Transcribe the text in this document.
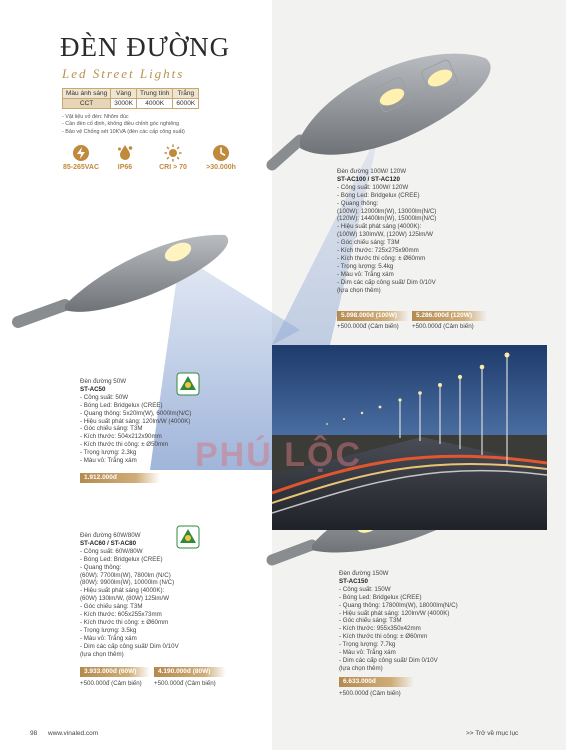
PHÚ LỘC
ĐÈN ĐƯỜNG
Led Street Lights
Màu ánh sáng	Vàng	Trung tính	Trắng
CCT	3000K	4000K	6000K
- Vật liệu vỏ đèn: Nhôm đúc
- Cần đèn cố định, không điều chỉnh góc nghiêng
- Bảo vệ Chống sét 10KVA (đèn các cấp công suất)
85-265VAC	IP66	CRI > 70	>30.000h
Đèn đường 100W/ 120W
ST-AC100 / ST-AC120
- Công suất: 100W/ 120W
- Bóng Led: Bridgelux (CREE)
- Quang thông:
(100W): 12000lm(W), 13000lm(N/C)
(120W): 14400lm(W), 15000lm(N/C)
- Hiệu suất phát sáng (4000K):
(100W) 130lm/W, (120W) 125lm/W
- Góc chiếu sáng: T3M
- Kích thước: 725x275x90mm
- Kích thước thi công: ± Ø60mm
- Trọng lượng: 5.4kg
- Màu vỏ: Trắng xám
- Dim các cấp công suất/ Dim 0/10V
(lựa chọn thêm)
5.098.000đ (100W)	5.286.000đ (120W)
+500.000đ (Cảm biến) +500.000đ (Cảm biến)
Đèn đường 50W
ST-AC50
- Công suất: 50W
- Bóng Led: Bridgelux (CREE)
- Quang thông: 5x20lm(W), 6000lm(N/C)
- Hiệu suất phát sáng: 120lm/W (4000K)
- Góc chiếu sáng: T3M
- Kích thước: 504x212x90mm
- Kích thước thi công: ± Ø50mm
- Trọng lượng: 2.3kg
- Màu vỏ: Trắng xám
1.912.000đ
Đèn đường 60W/80W
ST-AC60 / ST-AC80
- Công suất: 60W/80W
- Bóng Led: Bridgelux (CREE)
- Quang thông:
(60W): 7700lm(W), 7800lm (N/C)
(80W): 9900lm(W), 10000lm (N/C)
- Hiệu suất phát sáng (4000K):
(60W) 130lm/W, (80W) 125lm/W
- Góc chiếu sáng: T3M
- Kích thước: 605x255x73mm
- Kích thước thi công: ± Ø60mm
- Trọng lượng: 3.5kg
- Màu vỏ: Trắng xám
- Dim các cấp công suất/ Dim 0/10V
(lựa chọn thêm)
3.933.000đ (60W)	4.190.000đ (80W)
+500.000đ (Cảm biến) +500.000đ (Cảm biến)
Đèn đường 150W
ST-AC150
- Công suất: 150W
- Bóng Led: Bridgelux (CREE)
- Quang thông: 17800lm(W), 18000lm(N/C)
- Hiệu suất phát sáng: 120lm/W (4000K)
- Góc chiếu sáng: T3M
- Kích thước: 955x350x42mm
- Kích thước thi công: ± Ø60mm
- Trọng lượng: 7.7kg
- Màu vỏ: Trắng xám
- Dim các cấp công suất/ Dim 0/10V
(lựa chọn thêm)
6.633.000đ
+500.000đ (Cảm biến)
98 www.vinaled.com	>> Trở về mục lục
